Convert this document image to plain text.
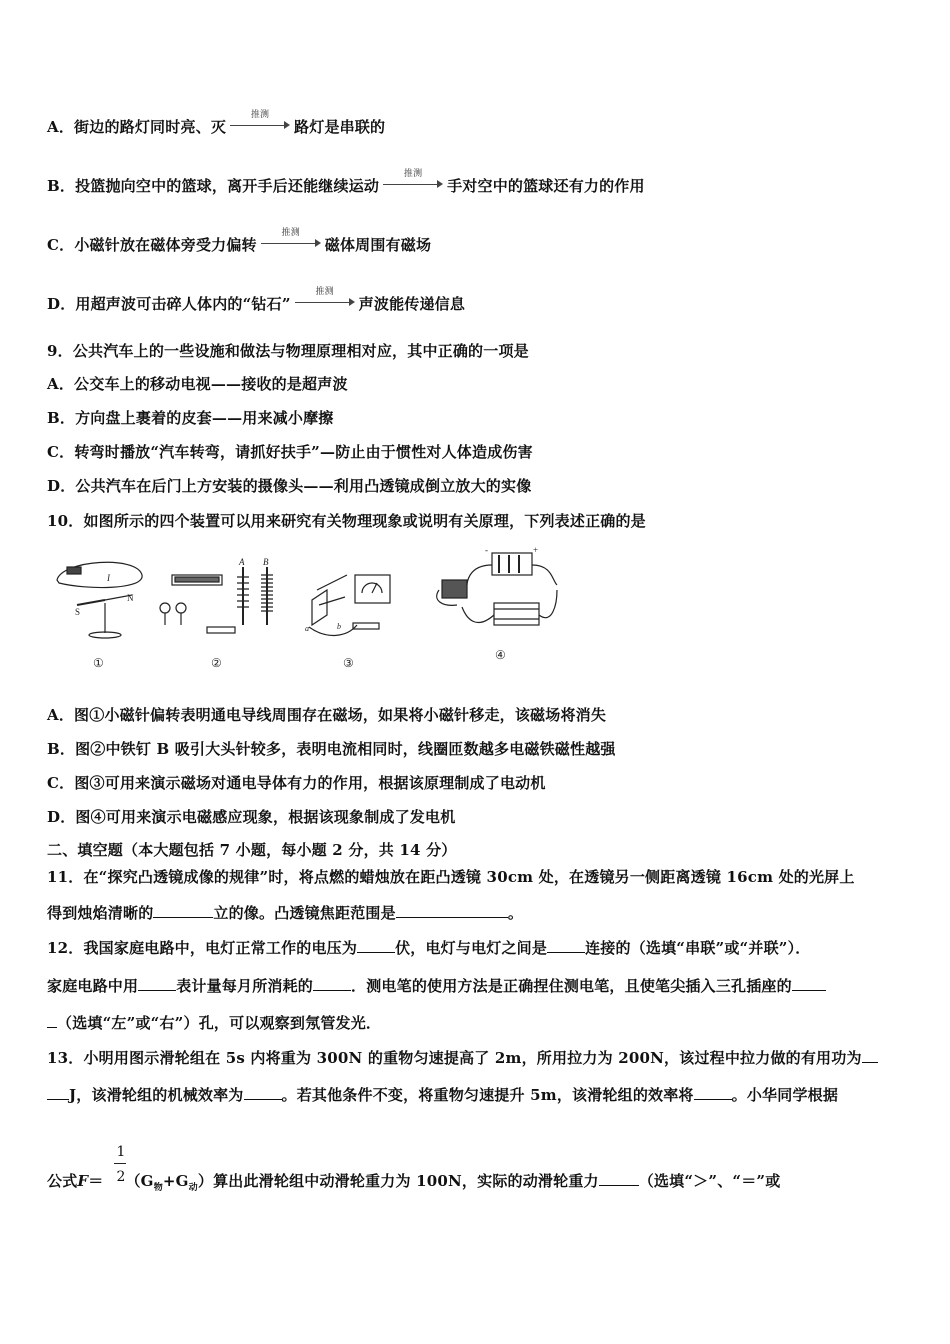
A．街边的路灯同时亮、灭
推测
路灯是串联的
B．投篮抛向空中的篮球，离开手后还能继续运动
推测
手对空中的篮球还有力的作用
C．小磁针放在磁体旁受力偏转
推测
磁体周围有磁场
D．用超声波可击碎人体内的“钻石”
推测
声波能传递信息
9．公共汽车上的一些设施和做法与物理原理相对应，其中正确的一项是
A．公交车上的移动电视——接收的是超声波
B．方向盘上裹着的皮套——用来减小摩擦
C．转弯时播放“汽车转弯，请抓好扶手”—防止由于惯性对人体造成伤害
D．公共汽车在后门上方安装的摄像头——利用凸透镜成倒立放大的实像
10．如图所示的四个装置可以用来研究有关物理现象或说明有关原理，下列表述正确的是
S
N
I
①
A B
②
b
a
③
-	+
④
A．图①小磁针偏转表明通电导线周围存在磁场，如果将小磁针移走，该磁场将消失
B．图②中铁钉 B 吸引大头针较多，表明电流相同时，线圈匝数越多电磁铁磁性越强
C．图③可用来演示磁场对通电导体有力的作用，根据该原理制成了电动机
D．图④可用来演示电磁感应现象，根据该现象制成了发电机
二、填空题（本大题包括 7 小题，每小题 2 分，共 14 分）
11．在“探究凸透镜成像的规律”时，将点燃的蜡烛放在距凸透镜 30cm 处，在透镜另一侧距离透镜 16cm 处的光屏上
得到烛焰清晰的	立的像。凸透镜焦距范围是	。
12．我国家庭电路中，电灯正常工作的电压为	伏，电灯与电灯之间是	连接的（选填“串联”或“并联”）．
家庭电路中用	表计量每月所消耗的	．测电笔的使用方法是正确捏住测电笔，且使笔尖插入三孔插座的
（选填“左”或“右”）孔，可以观察到氖管发光．
13．小明用图示滑轮组在 5s 内将重为 300N 的重物匀速提高了 2m，所用拉力为 200N，该过程中拉力做的有用功为
J，该滑轮组的机械效率为	。若其他条件不变，将重物匀速提升 5m，该滑轮组的效率将	。小华同学根据
1
2
公式$F= (G_物+G_动)$算出此滑轮组中动滑轮重力为 100N，实际的动滑轮重力	（选填“＞”、“＝”或
